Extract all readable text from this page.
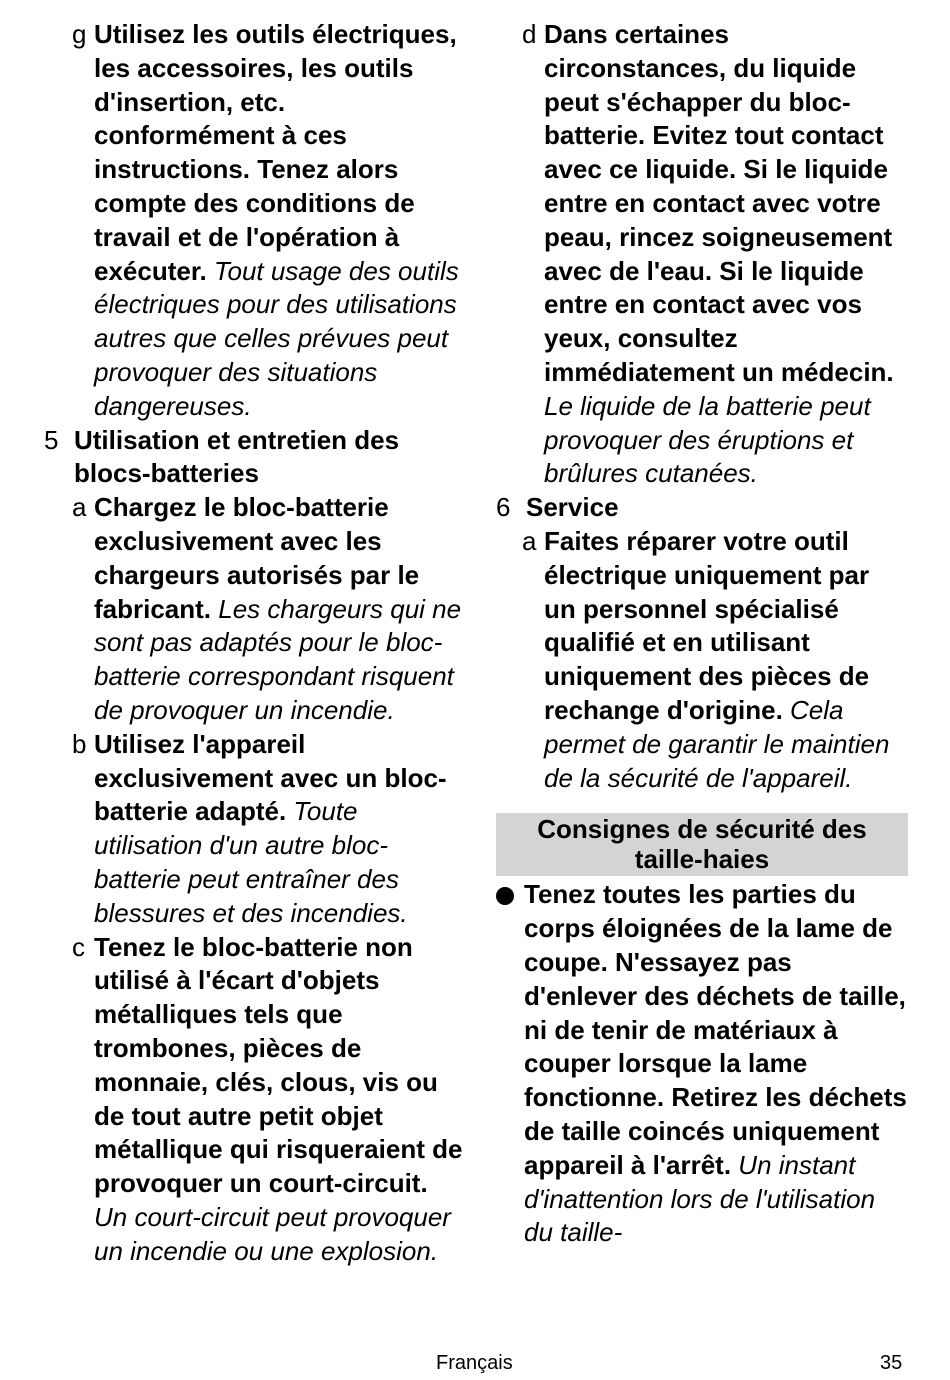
g Utilisez les outils électriques, les accessoires, les outils d'insertion, etc. conformément à ces instructions. Tenez alors compte des conditions de travail et de l'opération à exécuter. Tout usage des outils électriques pour des utilisations autres que celles prévues peut provoquer des situations dangereuses.
5 Utilisation et entretien des blocs-batteries
a Chargez le bloc-batterie exclusivement avec les chargeurs autorisés par le fabricant. Les chargeurs qui ne sont pas adaptés pour le bloc-batterie correspondant risquent de provoquer un incendie.
b Utilisez l'appareil exclusivement avec un bloc-batterie adapté. Toute utilisation d'un autre bloc-batterie peut entraîner des blessures et des incendies.
c Tenez le bloc-batterie non utilisé à l'écart d'objets métalliques tels que trombones, pièces de monnaie, clés, clous, vis ou de tout autre petit objet métallique qui risqueraient de provoquer un court-circuit. Un court-circuit peut provoquer un incendie ou une explosion.
d Dans certaines circonstances, du liquide peut s'échapper du bloc-batterie. Evitez tout contact avec ce liquide. Si le liquide entre en contact avec votre peau, rincez soigneusement avec de l'eau. Si le liquide entre en contact avec vos yeux, consultez immédiatement un médecin. Le liquide de la batterie peut provoquer des éruptions et brûlures cutanées.
6 Service
a Faites réparer votre outil électrique uniquement par un personnel spécialisé qualifié et en utilisant uniquement des pièces de rechange d'origine. Cela permet de garantir le maintien de la sécurité de l'appareil.
Consignes de sécurité des taille-haies
Tenez toutes les parties du corps éloignées de la lame de coupe. N'essayez pas d'enlever des déchets de taille, ni de tenir de matériaux à couper lorsque la lame fonctionne. Retirez les déchets de taille coincés uniquement appareil à l'arrêt. Un instant d'inattention lors de l'utilisation du taille-
Français	35
